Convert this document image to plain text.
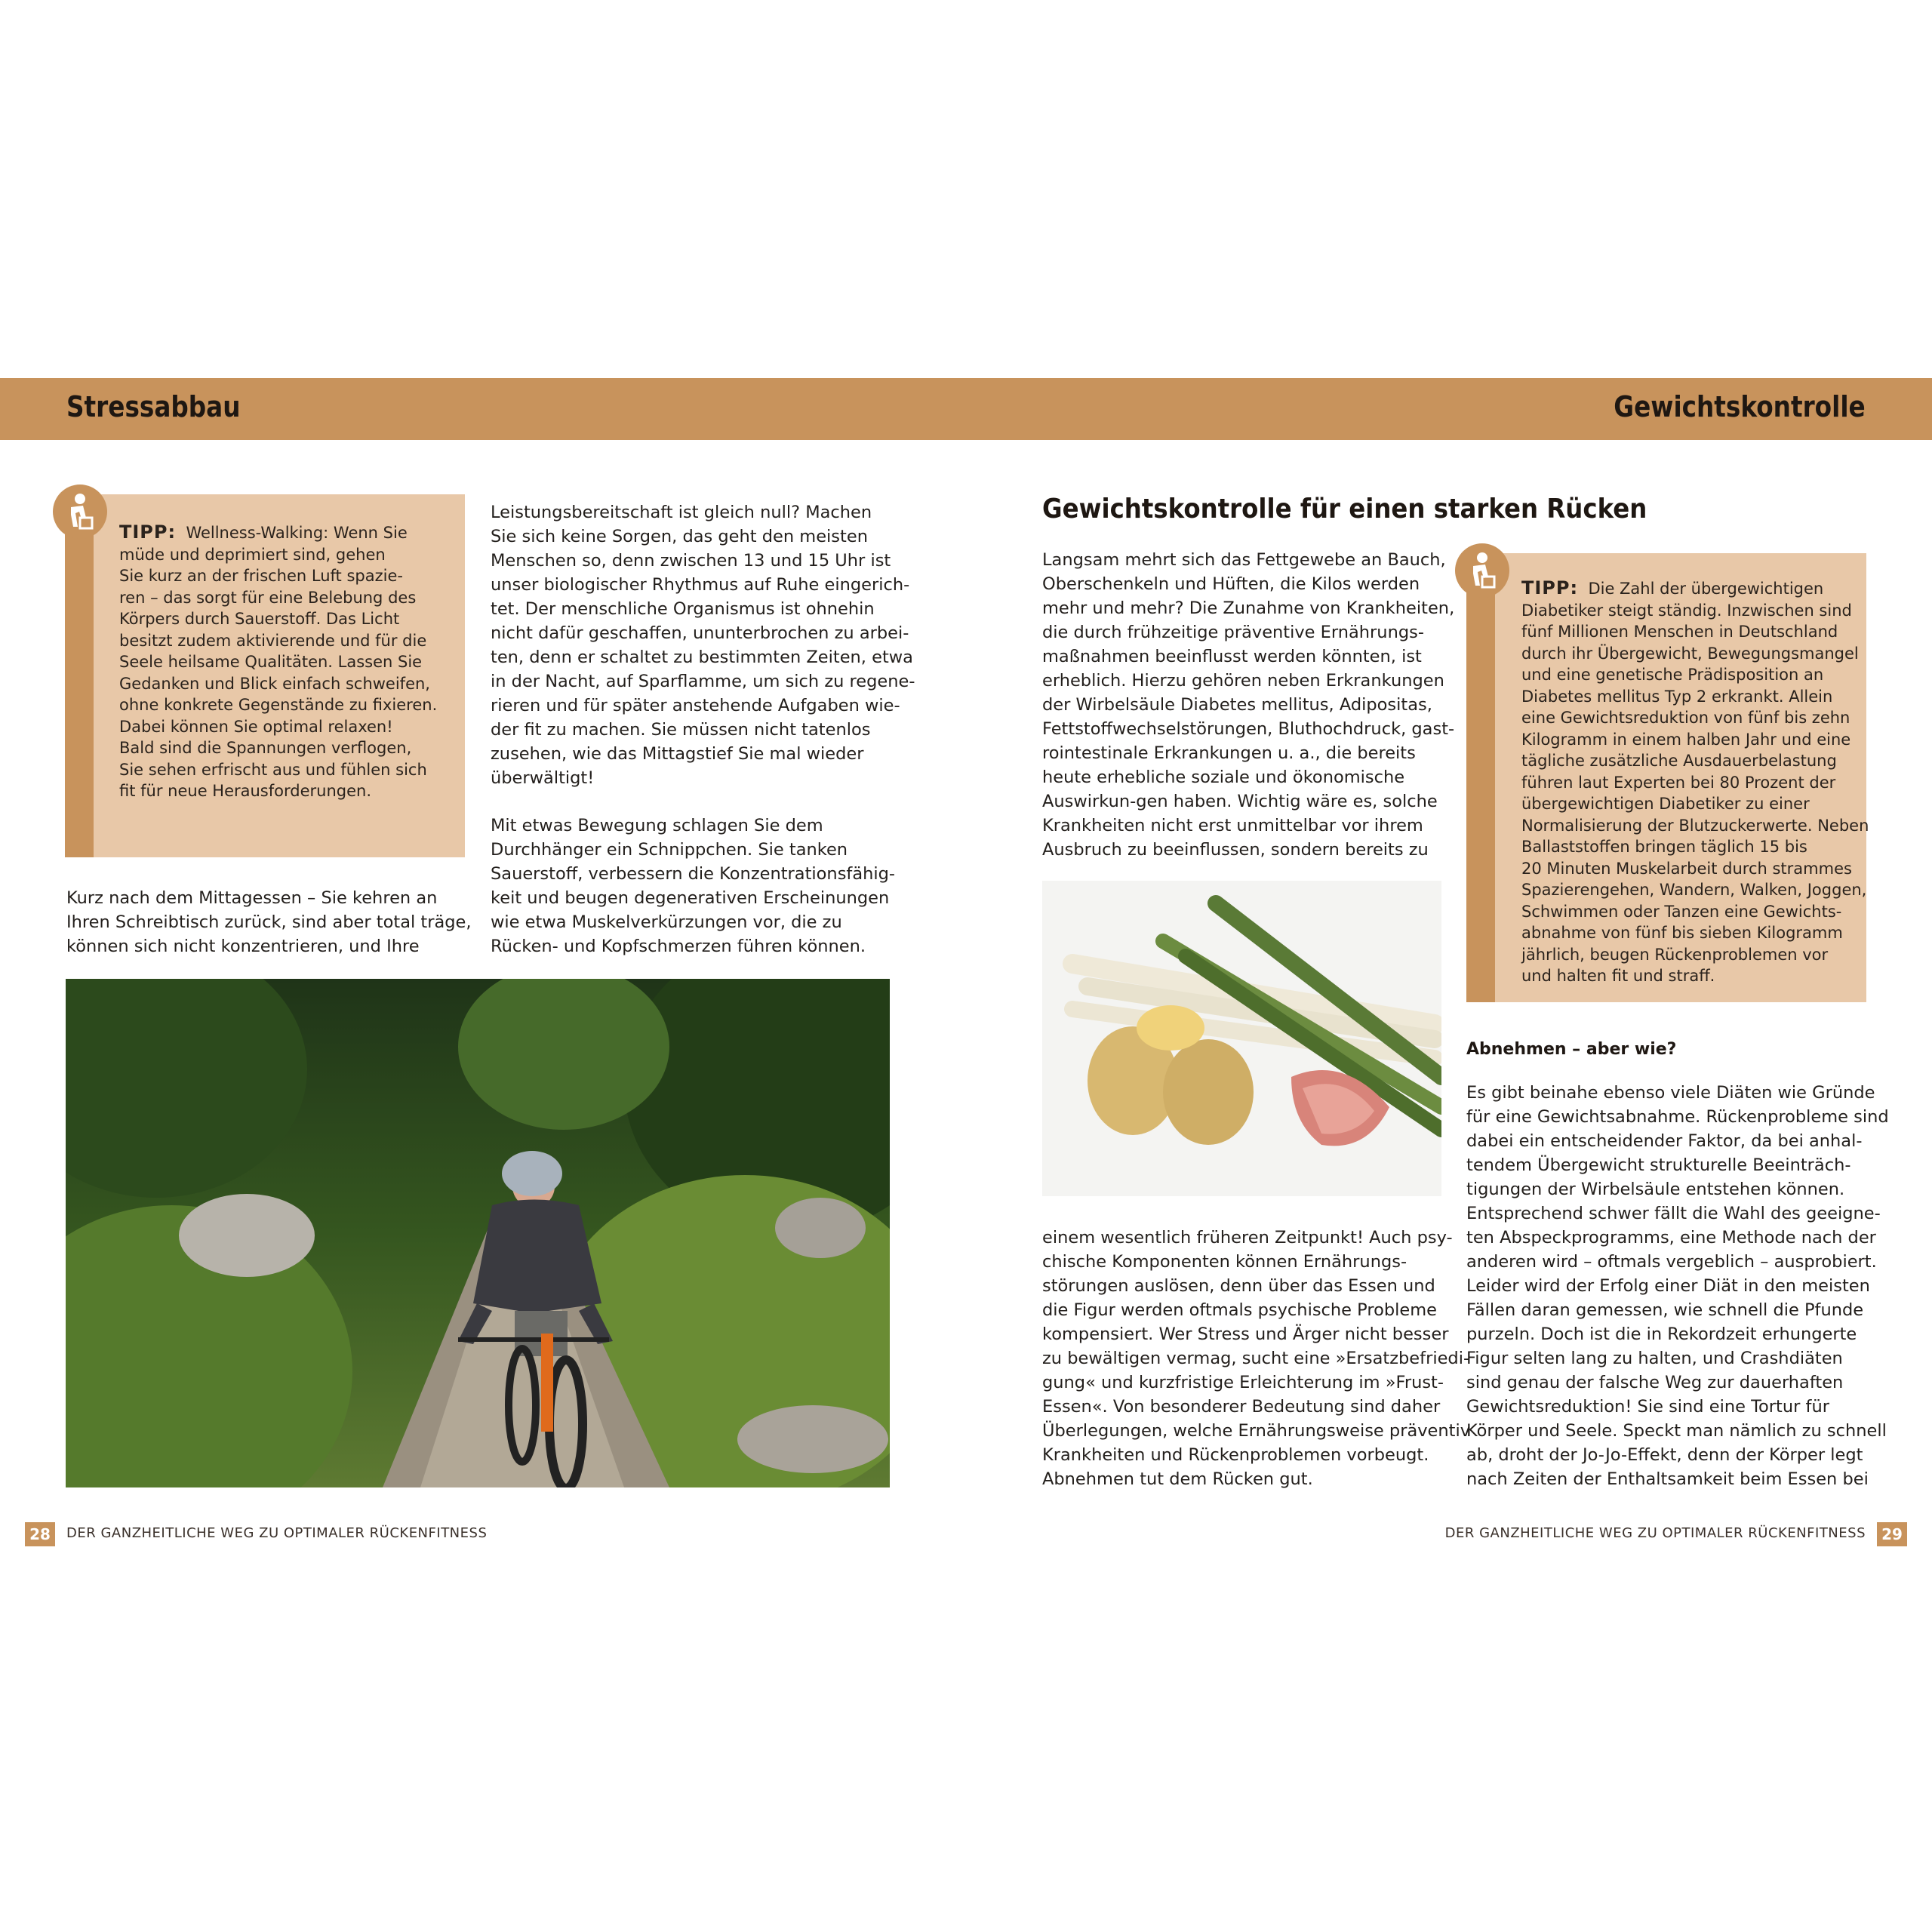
Stressabbau	Gewichtskontrolle
TIPP: Wellness-Walking: Wenn Sie
müde und deprimiert sind, gehen
Sie kurz an der frischen Luft spazie-
ren – das sorgt für eine Belebung des
Körpers durch Sauerstoff. Das Licht
besitzt zudem aktivierende und für die
Seele heilsame Qualitäten. Lassen Sie
Gedanken und Blick einfach schweifen,
ohne konkrete Gegenstände zu fixieren.
Dabei können Sie optimal relaxen!
Bald sind die Spannungen verflogen,
Sie sehen erfrischt aus und fühlen sich
fit für neue Herausforderungen.
Kurz nach dem Mittagessen – Sie kehren an
Ihren Schreibtisch zurück, sind aber total träge,
können sich nicht konzentrieren, und Ihre
Leistungsbereitschaft ist gleich null? Machen
Sie sich keine Sorgen, das geht den meisten
Menschen so, denn zwischen 13 und 15 Uhr ist
unser biologischer Rhythmus auf Ruhe eingerich-
tet. Der menschliche Organismus ist ohnehin
nicht dafür geschaffen, ununterbrochen zu arbei-
ten, denn er schaltet zu bestimmten Zeiten, etwa
in der Nacht, auf Sparflamme, um sich zu regene-
rieren und für später anstehende Aufgaben wie-
der fit zu machen. Sie müssen nicht tatenlos
zusehen, wie das Mittagstief Sie mal wieder
überwältigt!
Mit etwas Bewegung schlagen Sie dem
Durchhänger ein Schnippchen. Sie tanken
Sauerstoff, verbessern die Konzentrationsfähig-
keit und beugen degenerativen Erscheinungen
wie etwa Muskelverkürzungen vor, die zu
Rücken- und Kopfschmerzen führen können.
Gewichtskontrolle für einen starken Rücken
Langsam mehrt sich das Fettgewebe an Bauch,
Oberschenkeln und Hüften, die Kilos werden
mehr und mehr? Die Zunahme von Krankheiten,
die durch frühzeitige präventive Ernährungs-
maßnahmen beeinflusst werden könnten, ist
erheblich. Hierzu gehören neben Erkrankungen
der Wirbelsäule Diabetes mellitus, Adipositas,
Fettstoffwechselstörungen, Bluthochdruck, gast-
rointestinale Erkrankungen u. a., die bereits
heute erhebliche soziale und ökonomische
Auswirkun-gen haben. Wichtig wäre es, solche
Krankheiten nicht erst unmittelbar vor ihrem
Ausbruch zu beeinflussen, sondern bereits zu
einem wesentlich früheren Zeitpunkt! Auch psy-
chische Komponenten können Ernährungs-
störungen auslösen, denn über das Essen und
die Figur werden oftmals psychische Probleme
kompensiert. Wer Stress und Ärger nicht besser
zu bewältigen vermag, sucht eine »Ersatzbefriedi-
gung« und kurzfristige Erleichterung im »Frust-
Essen«. Von besonderer Bedeutung sind daher
Überlegungen, welche Ernährungsweise präventiv
Krankheiten und Rückenproblemen vorbeugt.
Abnehmen tut dem Rücken gut.
TIPP: Die Zahl der übergewichtigen
Diabetiker steigt ständig. Inzwischen sind
fünf Millionen Menschen in Deutschland
durch ihr Übergewicht, Bewegungsmangel
und eine genetische Prädisposition an
Diabetes mellitus Typ 2 erkrankt. Allein
eine Gewichtsreduktion von fünf bis zehn
Kilogramm in einem halben Jahr und eine
tägliche zusätzliche Ausdauerbelastung
führen laut Experten bei 80 Prozent der
übergewichtigen Diabetiker zu einer
Normalisierung der Blutzuckerwerte. Neben
Ballaststoffen bringen täglich 15 bis
20 Minuten Muskelarbeit durch strammes
Spazierengehen, Wandern, Walken, Joggen,
Schwimmen oder Tanzen eine Gewichts-
abnahme von fünf bis sieben Kilogramm
jährlich, beugen Rückenproblemen vor
und halten fit und straff.
Abnehmen – aber wie?
Es gibt beinahe ebenso viele Diäten wie Gründe
für eine Gewichtsabnahme. Rückenprobleme sind
dabei ein entscheidender Faktor, da bei anhal-
tendem Übergewicht strukturelle Beeinträch-
tigungen der Wirbelsäule entstehen können.
Entsprechend schwer fällt die Wahl des geeigne-
ten Abspeckprogramms, eine Methode nach der
anderen wird – oftmals vergeblich – ausprobiert.
Leider wird der Erfolg einer Diät in den meisten
Fällen daran gemessen, wie schnell die Pfunde
purzeln. Doch ist die in Rekordzeit erhungerte
Figur selten lang zu halten, und Crashdiäten
sind genau der falsche Weg zur dauerhaften
Gewichtsreduktion! Sie sind eine Tortur für
Körper und Seele. Speckt man nämlich zu schnell
ab, droht der Jo-Jo-Effekt, denn der Körper legt
nach Zeiten der Enthaltsamkeit beim Essen bei
28	DER GANZHEITLICHE WEG ZU OPTIMALER RÜCKENFITNESS	DER GANZHEITLICHE WEG ZU OPTIMALER RÜCKENFITNESS	29
